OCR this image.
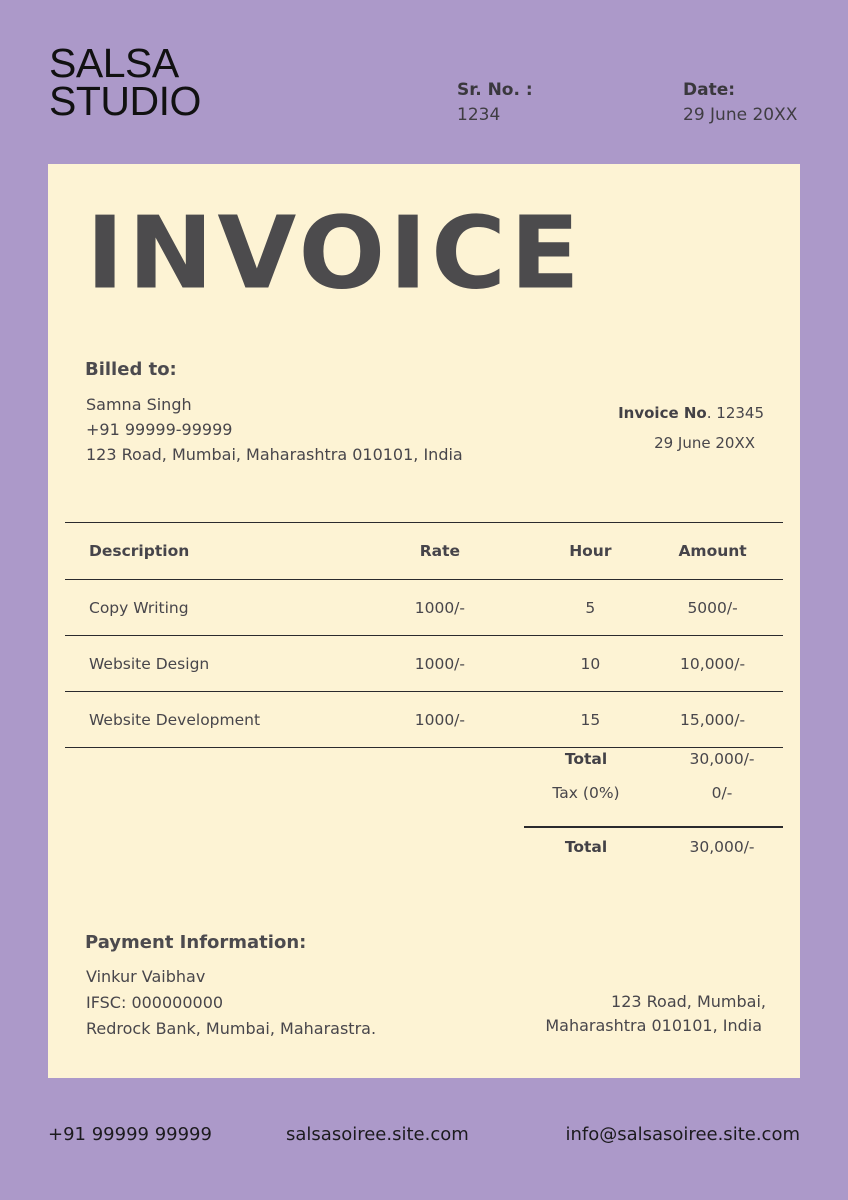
SALSA
STUDIO	Sr. No. :
1234
Date:
29 June 20XX
INVOICE
Billed to:
Samna Singh
+91 99999-99999
123 Road, Mumbai, Maharashtra 010101, India
Invoice No. 12345
29 June 20XX
Description	Rate	Hour	Amount
Copy Writing	1000/-	5	5000/-
Website Design	1000/-	10	10,000/-
Website Development	1000/-	15	15,000/-
Total	30,000/-
Tax (0%)	0/-
Total	30,000/-
Payment Information:
Vinkur Vaibhav
IFSC: 000000000
Redrock Bank, Mumbai, Maharastra.
123 Road, Mumbai,
Maharashtra 010101, India
+91 99999 99999	salsasoiree.site.com	info@salsasoiree.site.com
